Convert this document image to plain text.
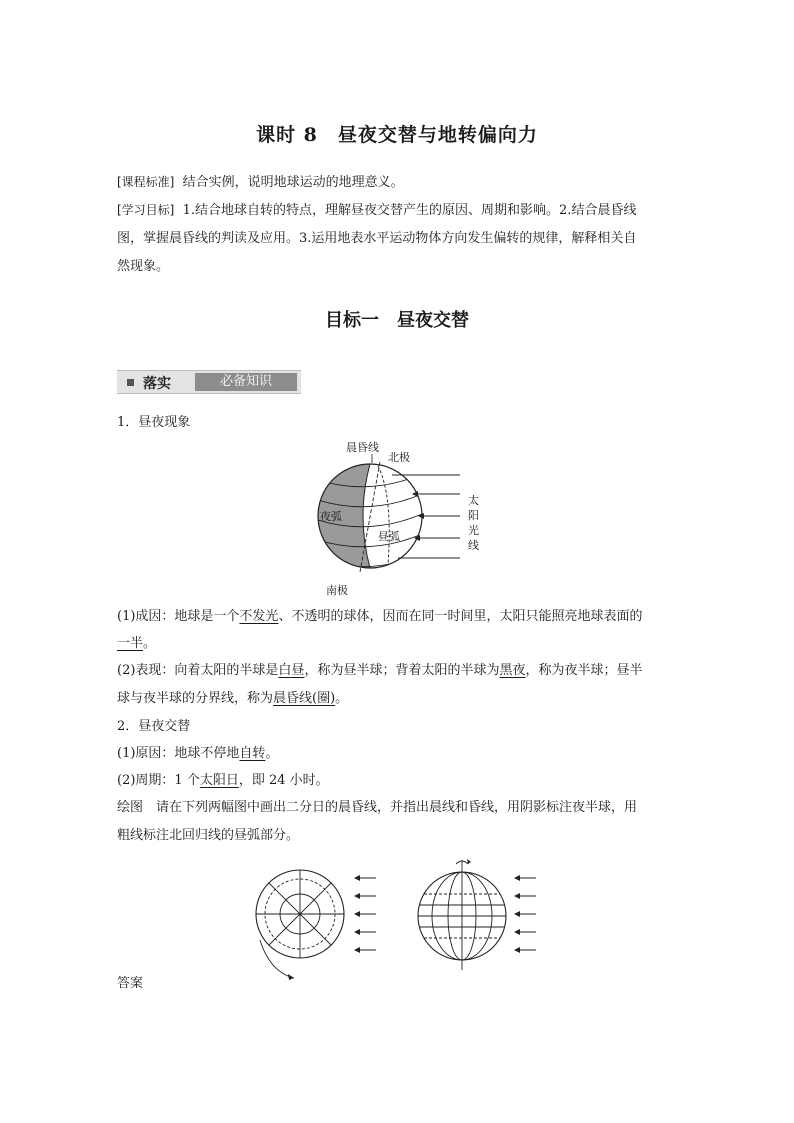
课时 8 昼夜交替与地转偏向力
[课程标准] 结合实例，说明地球运动的地理意义。
[学习目标] 1.结合地球自转的特点，理解昼夜交替产生的原因、周期和影响。2.结合晨昏线
图，掌握晨昏线的判读及应用。3.运用地表水平运动物体方向发生偏转的规律，解释相关自
然现象。
目标一 昼夜交替
落实	必备知识
1．昼夜现象
晨昏线
北极
夜弧
昼弧
南极
太
阳
光
线
(1)成因：地球是一个不发光、不透明的球体，因而在同一时间里，太阳只能照亮地球表面的
一半。
(2)表现：向着太阳的半球是白昼，称为昼半球；背着太阳的半球为黑夜，称为夜半球；昼半
球与夜半球的分界线，称为晨昏线(圈)。
2．昼夜交替
(1)原因：地球不停地自转。
(2)周期：1 个太阳日，即 24 小时。
绘图　请在下列两幅图中画出二分日的晨昏线，并指出晨线和昏线，用阴影标注夜半球，用
粗线标注北回归线的昼弧部分。
答案
